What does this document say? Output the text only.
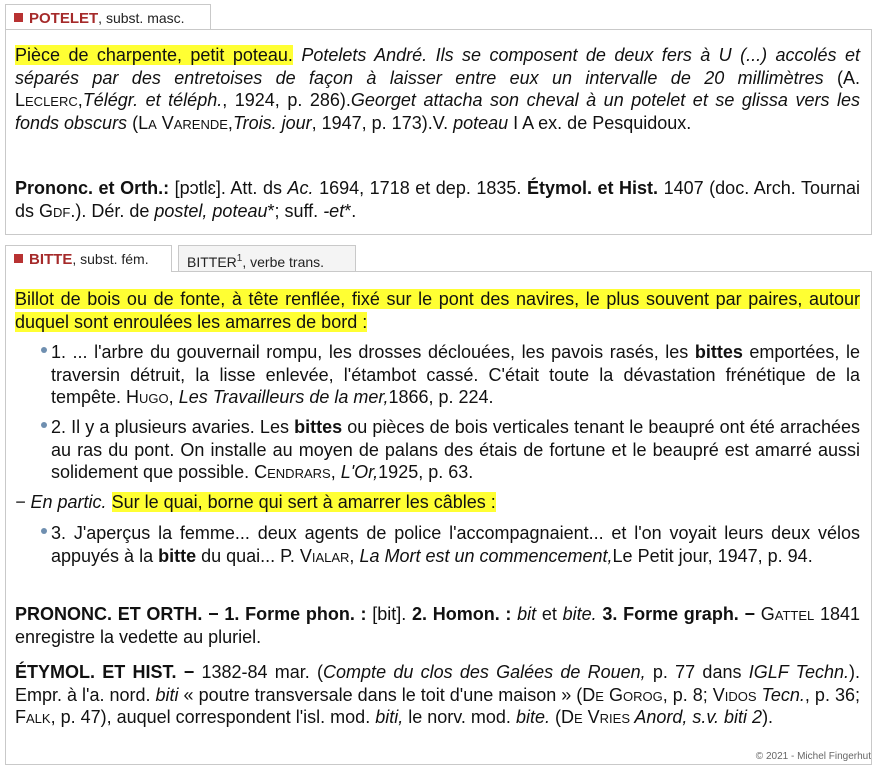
POTELET, subst. masc.
Pièce de charpente, petit poteau. Potelets André. Ils se composent de deux fers à U (...) accolés et séparés par des entretoises de façon à laisser entre eux un intervalle de 20 millimètres (A. Leclerc,Télégr. et téléph., 1924, p. 286).Georget attacha son cheval à un potelet et se glissa vers les fonds obscurs (La Varende,Trois. jour, 1947, p. 173).V. poteau I A ex. de Pesquidoux.
Prononc. et Orth.: [pɔtlɛ]. Att. ds Ac. 1694, 1718 et dep. 1835. Étymol. et Hist. 1407 (doc. Arch. Tournai ds Gdf.). Dér. de postel, poteau*; suff. -et*.
BITTE, subst. fém.	BITTER$^1$, verbe trans.
Billot de bois ou de fonte, à tête renflée, fixé sur le pont des navires, le plus souvent par paires, autour duquel sont enroulées les amarres de bord :
1. ... l'arbre du gouvernail rompu, les drosses déclouées, les pavois rasés, les bittes emportées, le traversin détruit, la lisse enlevée, l'étambot cassé. C'était toute la dévastation frénétique de la tempête. Hugo, Les Travailleurs de la mer,1866, p. 224.
2. Il y a plusieurs avaries. Les bittes ou pièces de bois verticales tenant le beaupré ont été arrachées au ras du pont. On installe au moyen de palans des étais de fortune et le beaupré est amarré aussi solidement que possible. Cendrars, L'Or,1925, p. 63.
− En partic. Sur le quai, borne qui sert à amarrer les câbles :
3. J'aperçus la femme... deux agents de police l'accompagnaient... et l'on voyait leurs deux vélos appuyés à la bitte du quai... P. Vialar, La Mort est un commencement,Le Petit jour, 1947, p. 94.
PRONONC. ET ORTH. − 1. Forme phon. : [bit]. 2. Homon. : bit et bite. 3. Forme graph. − Gattel 1841 enregistre la vedette au pluriel.
ÉTYMOL. ET HIST. − 1382-84 mar. (Compte du clos des Galées de Rouen, p. 77 dans IGLF Techn.). Empr. à l'a. nord. biti « poutre transversale dans le toit d'une maison » (De Gorog, p. 8; Vidos Tecn., p. 36; Falk, p. 47), auquel correspondent l'isl. mod. biti, le norv. mod. bite. (De Vries Anord, s.v. biti 2).
© 2021 - Michel Fingerhut
